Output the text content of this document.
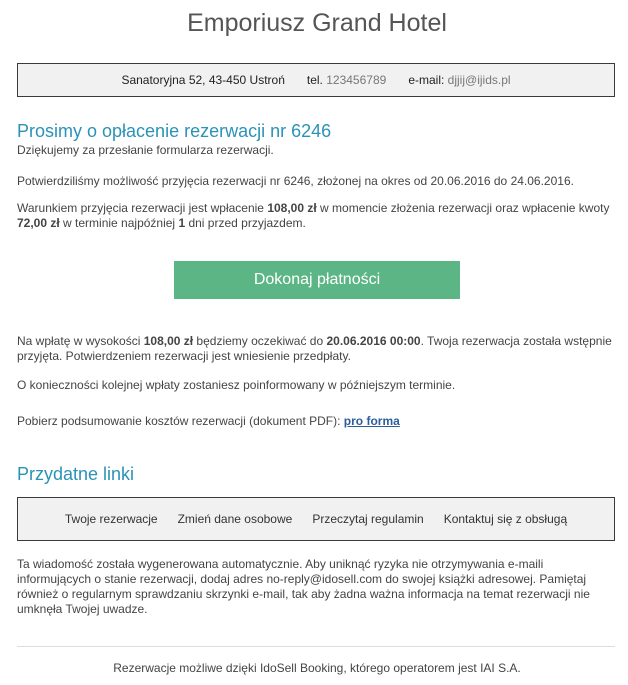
Emporiusz Grand Hotel
Sanatoryjna 52, 43-450 Ustroń tel.
123456789 e-mail:
djjij@ijids.pl
Prosimy o opłacenie rezerwacji nr 6246

Dziękujemy za przesłanie formularza rezerwacji.

Potwierdziliśmy możliwość przyjęcia rezerwacji nr 6246, złożonej na okres od 20.06.2016 do 24.06.2016.

Warunkiem przyjęcia rezerwacji jest wpłacenie 108,00 zł w momencie złożenia rezerwacji oraz wpłacenie kwoty 72,00 zł w terminie najpóźniej 1 dni przed przyjazdem.

Dokonaj płatności

Na wpłatę w wysokości 108,00 zł będziemy oczekiwać do 20.06.2016 00:00. Twoja rezerwacja została wstępnie przyjęta. Potwierdzeniem rezerwacji jest wniesienie przedpłaty.

O konieczności kolejnej wpłaty zostaniesz poinformowany w późniejszym terminie.

Pobierz podsumowanie kosztów rezerwacji (dokument PDF): pro forma

Przydatne linki
Twoje rezerwacje Zmień dane osobowe Przeczytaj regulamin Kontaktuj się z obsługą

Ta wiadomość została wygenerowana automatycznie. Aby uniknąć ryzyka nie otrzymywania e-maili informujących o stanie rezerwacji, dodaj adres no-reply@idosell.com do swojej książki adresowej. Pamiętaj również o regularnym sprawdzaniu skrzynki e-mail, tak aby żadna ważna informacja na temat rezerwacji nie umknęła Twojej uwadze.

Rezerwacje możliwe dzięki IdoSell Booking, którego operatorem jest IAI S.A.
